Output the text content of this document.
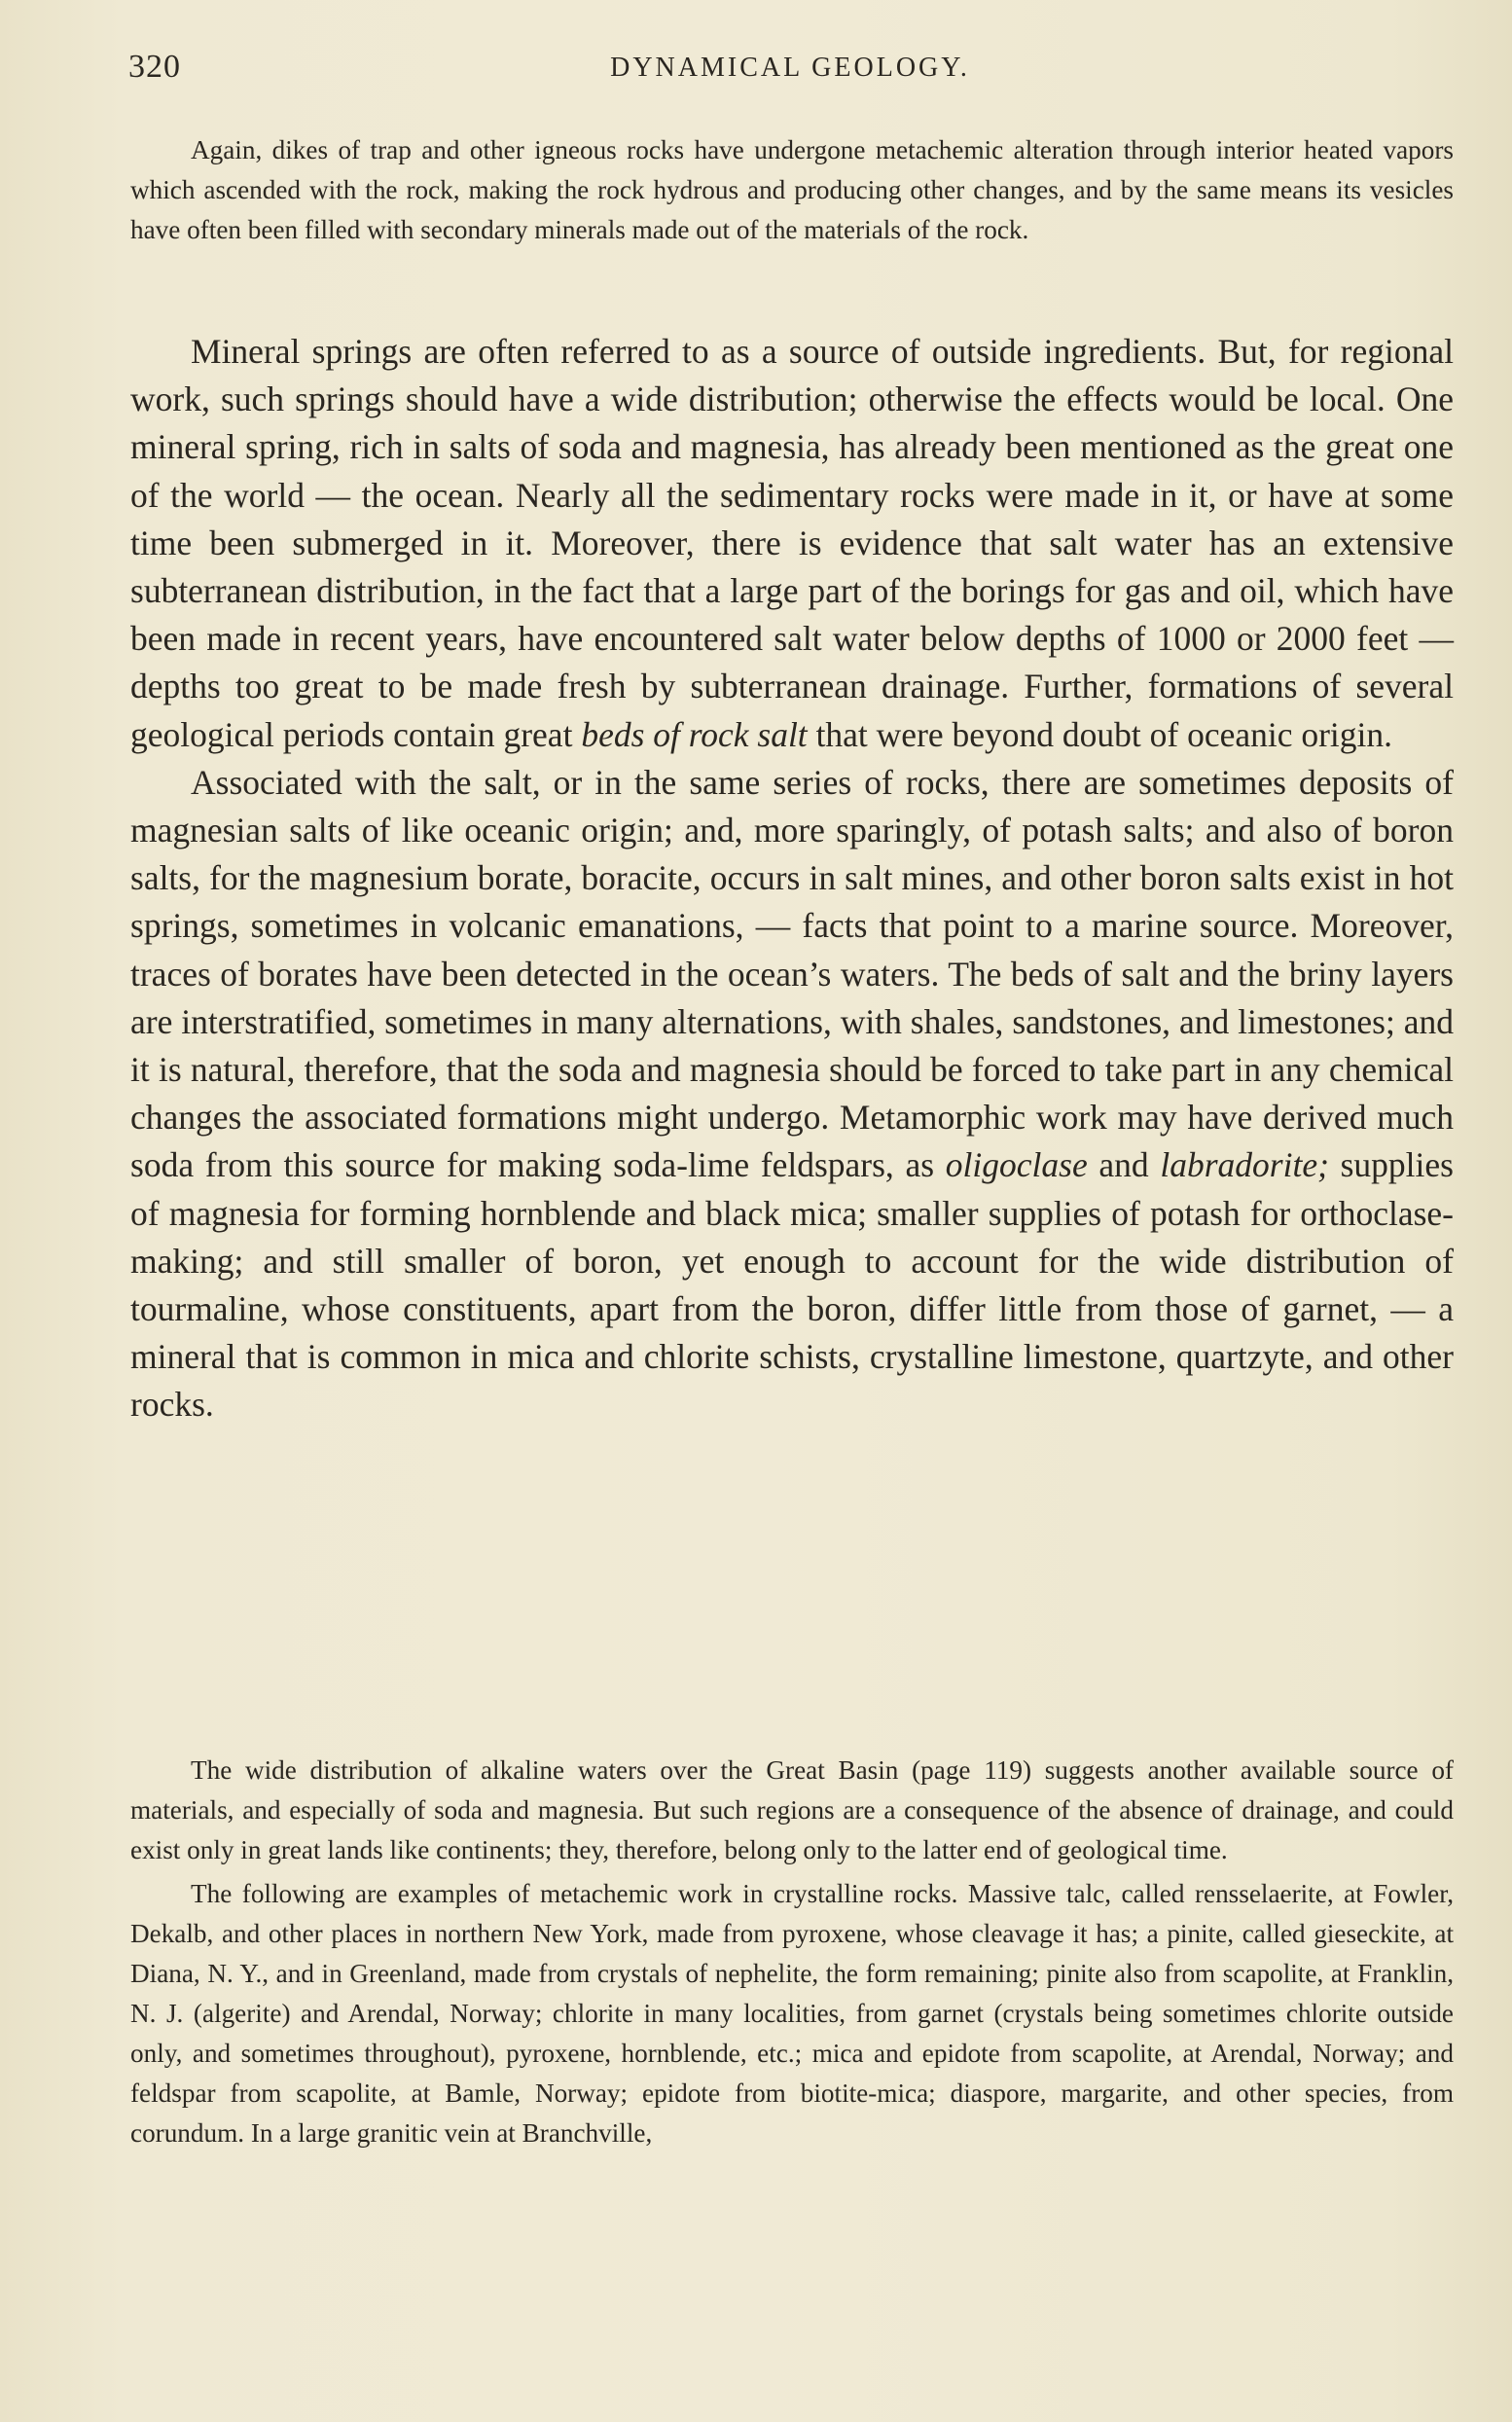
320	DYNAMICAL GEOLOGY.

Again, dikes of trap and other igneous rocks have undergone metachemic alteration through interior heated vapors which ascended with the rock, making the rock hydrous and producing other changes, and by the same means its vesicles have often been filled with secondary minerals made out of the materials of the rock.

Mineral springs are often referred to as a source of outside ingredients. But, for regional work, such springs should have a wide distribution; otherwise the effects would be local. One mineral spring, rich in salts of soda and magnesia, has already been mentioned as the great one of the world — the ocean. Nearly all the sedimentary rocks were made in it, or have at some time been submerged in it. Moreover, there is evidence that salt water has an extensive subterranean distribution, in the fact that a large part of the borings for gas and oil, which have been made in recent years, have encountered salt water below depths of 1000 or 2000 feet — depths too great to be made fresh by subterranean drainage. Further, formations of several geological periods contain great beds of rock salt that were beyond doubt of oceanic origin.

Associated with the salt, or in the same series of rocks, there are sometimes deposits of magnesian salts of like oceanic origin; and, more sparingly, of potash salts; and also of boron salts, for the magnesium borate, boracite, occurs in salt mines, and other boron salts exist in hot springs, sometimes in volcanic emanations, — facts that point to a marine source. Moreover, traces of borates have been detected in the ocean’s waters. The beds of salt and the briny layers are interstratified, sometimes in many alternations, with shales, sandstones, and limestones; and it is natural, therefore, that the soda and magnesia should be forced to take part in any chemical changes the associated formations might undergo. Metamorphic work may have derived much soda from this source for making soda-lime feldspars, as oligoclase and labradorite; supplies of magnesia for forming hornblende and black mica; smaller supplies of potash for orthoclase-making; and still smaller of boron, yet enough to account for the wide distribution of tourmaline, whose constituents, apart from the boron, differ little from those of garnet, — a mineral that is common in mica and chlorite schists, crystalline limestone, quartzyte, and other rocks.

The wide distribution of alkaline waters over the Great Basin (page 119) suggests another available source of materials, and especially of soda and magnesia. But such regions are a consequence of the absence of drainage, and could exist only in great lands like continents; they, therefore, belong only to the latter end of geological time.

The following are examples of metachemic work in crystalline rocks. Massive talc, called rensselaerite, at Fowler, Dekalb, and other places in northern New York, made from pyroxene, whose cleavage it has; a pinite, called gieseckite, at Diana, N. Y., and in Greenland, made from crystals of nephelite, the form remaining; pinite also from scapolite, at Franklin, N. J. (algerite) and Arendal, Norway; chlorite in many localities, from garnet (crystals being sometimes chlorite outside only, and sometimes throughout), pyroxene, hornblende, etc.; mica and epidote from scapolite, at Arendal, Norway; and feldspar from scapolite, at Bamle, Norway; epidote from biotite-mica; diaspore, margarite, and other species, from corundum. In a large granitic vein at Branchville,
